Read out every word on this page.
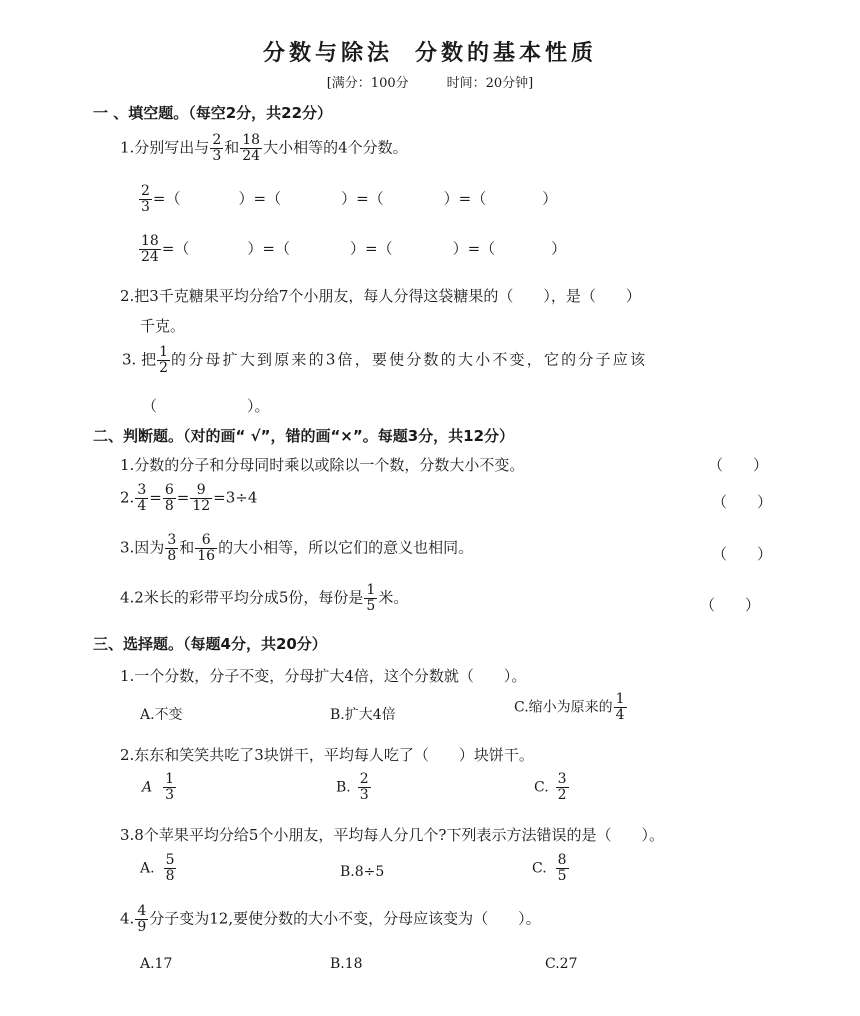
分数与除法 分数的基本性质
[满分：100分	时间：20分钟]
一 、填空题。（每空2分，共22分）
1.分别写出与 $\frac{2}{3}$ 和 $\frac{18}{24}$ 大小相等的4个分数。
$\frac{2}{3}$ =（	）=（	）=（	）=（	）
$\frac{18}{24}$ =（	）=（	）=（	）=（	）
2.把3千克糖果平均分给7个小朋友，每人分得这袋糖果的（　　），是（　　）
千克。
3. 把 $\frac{1}{2}$ 的分母扩大到原来的3倍，要使分数的大小不变，它的分子应该
（　　　　　　）。
二、判断题。（对的画“ √”，错的画“×”。每题3分，共12分）
1.分数的分子和分母同时乘以或除以一个数，分数大小不变。	（　　）
2. $\frac{3}{4} = \frac{6}{8} = \frac{9}{12} =3\div 4$	（　　）
3.因为 $\frac{3}{8}$ 和 $\frac{6}{16}$ 的大小相等，所以它们的意义也相同。	（　　）
4.2米长的彩带平均分成5份，每份是 $\frac{1}{5}$ 米。	（　　）
三、选择题。（每题4分，共20分）
1.一个分数，分子不变，分母扩大4倍，这个分数就（　　）。
A.不变	B.扩大4倍	C.缩小为原来的 $\frac{1}{4}$
2.东东和笑笑共吃了3块饼干，平均每人吃了（　　）块饼干。
A $\frac{1}{3}$	B. $\frac{2}{3}$	C. $\frac{3}{2}$
3.8个苹果平均分给5个小朋友，平均每人分几个?下列表示方法错误的是（　　）。
A. $\frac{5}{8}$	B.8÷5	C. $\frac{8}{5}$
4. $\frac{4}{9}$ 分子变为12,要使分数的大小不变，分母应该变为（　　）。
A.17	B.18	C.27
